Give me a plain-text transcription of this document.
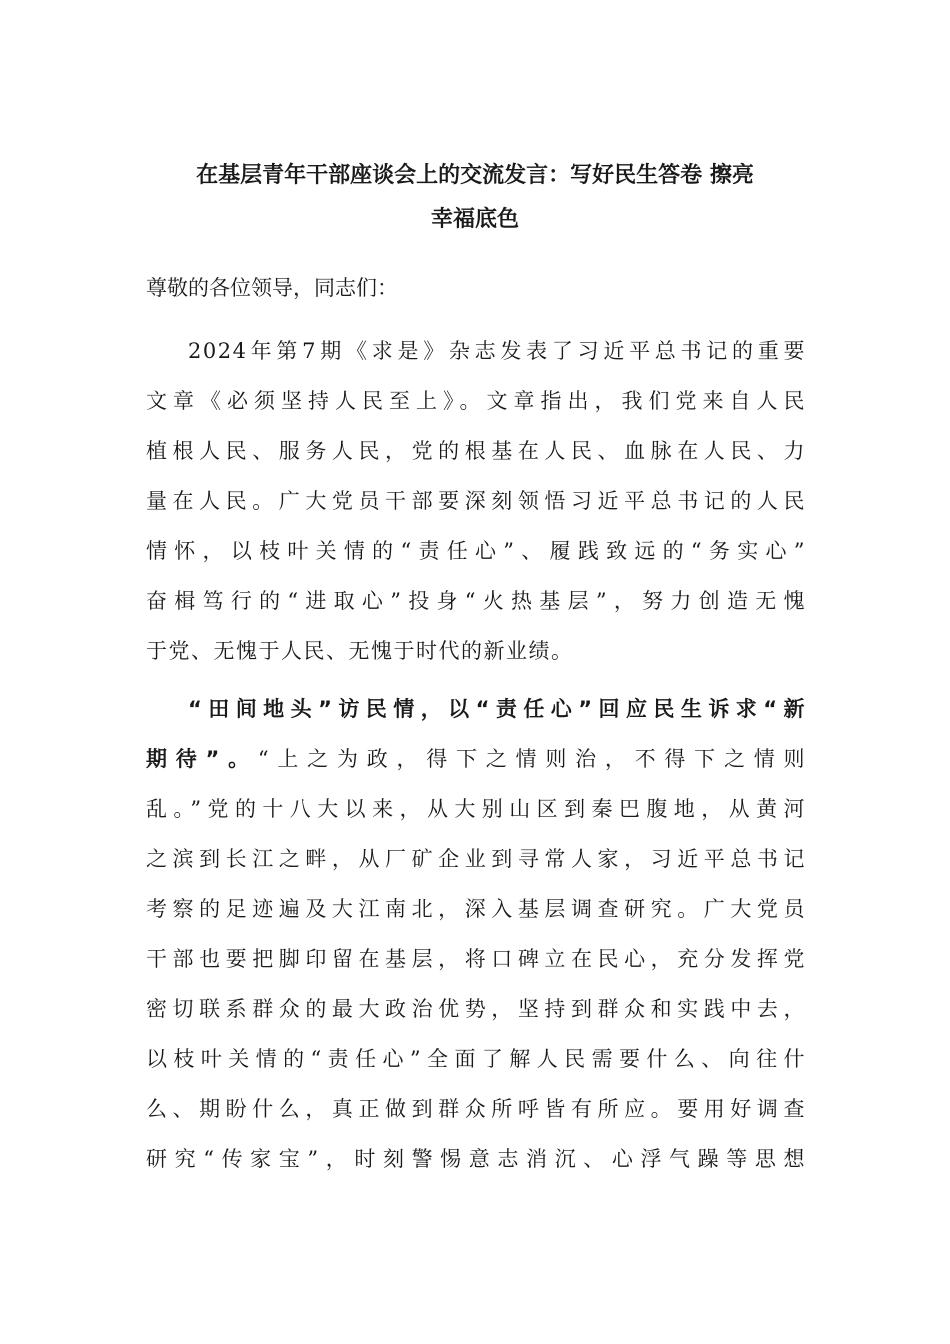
在基层青年干部座谈会上的交流发言：写好民生答卷 擦亮
幸福底色

尊敬的各位领导，同志们：

2024年第7期《求是》杂志发表了习近平总书记的重要
文章《必须坚持人民至上》。文章指出，我们党来自人民
植根人民、服务人民，党的根基在人民、血脉在人民、力
量在人民。广大党员干部要深刻领悟习近平总书记的人民
情怀，以枝叶关情的“责任心”、履践致远的“务实心”
奋楫笃行的“进取心”投身“火热基层”，努力创造无愧
于党、无愧于人民、无愧于时代的新业绩。
“田间地头”访民情，以“责任心”回应民生诉求“新
期待”。“上之为政，得下之情则治，不得下之情则
乱。”党的十八大以来，从大别山区到秦巴腹地，从黄河
之滨到长江之畔，从厂矿企业到寻常人家，习近平总书记
考察的足迹遍及大江南北，深入基层调查研究。广大党员
干部也要把脚印留在基层，将口碑立在民心，充分发挥党
密切联系群众的最大政治优势，坚持到群众和实践中去，
以枝叶关情的“责任心”全面了解人民需要什么、向往什
么、期盼什么，真正做到群众所呼皆有所应。要用好调查
研究“传家宝”，时刻警惕意志消沉、心浮气躁等思想
